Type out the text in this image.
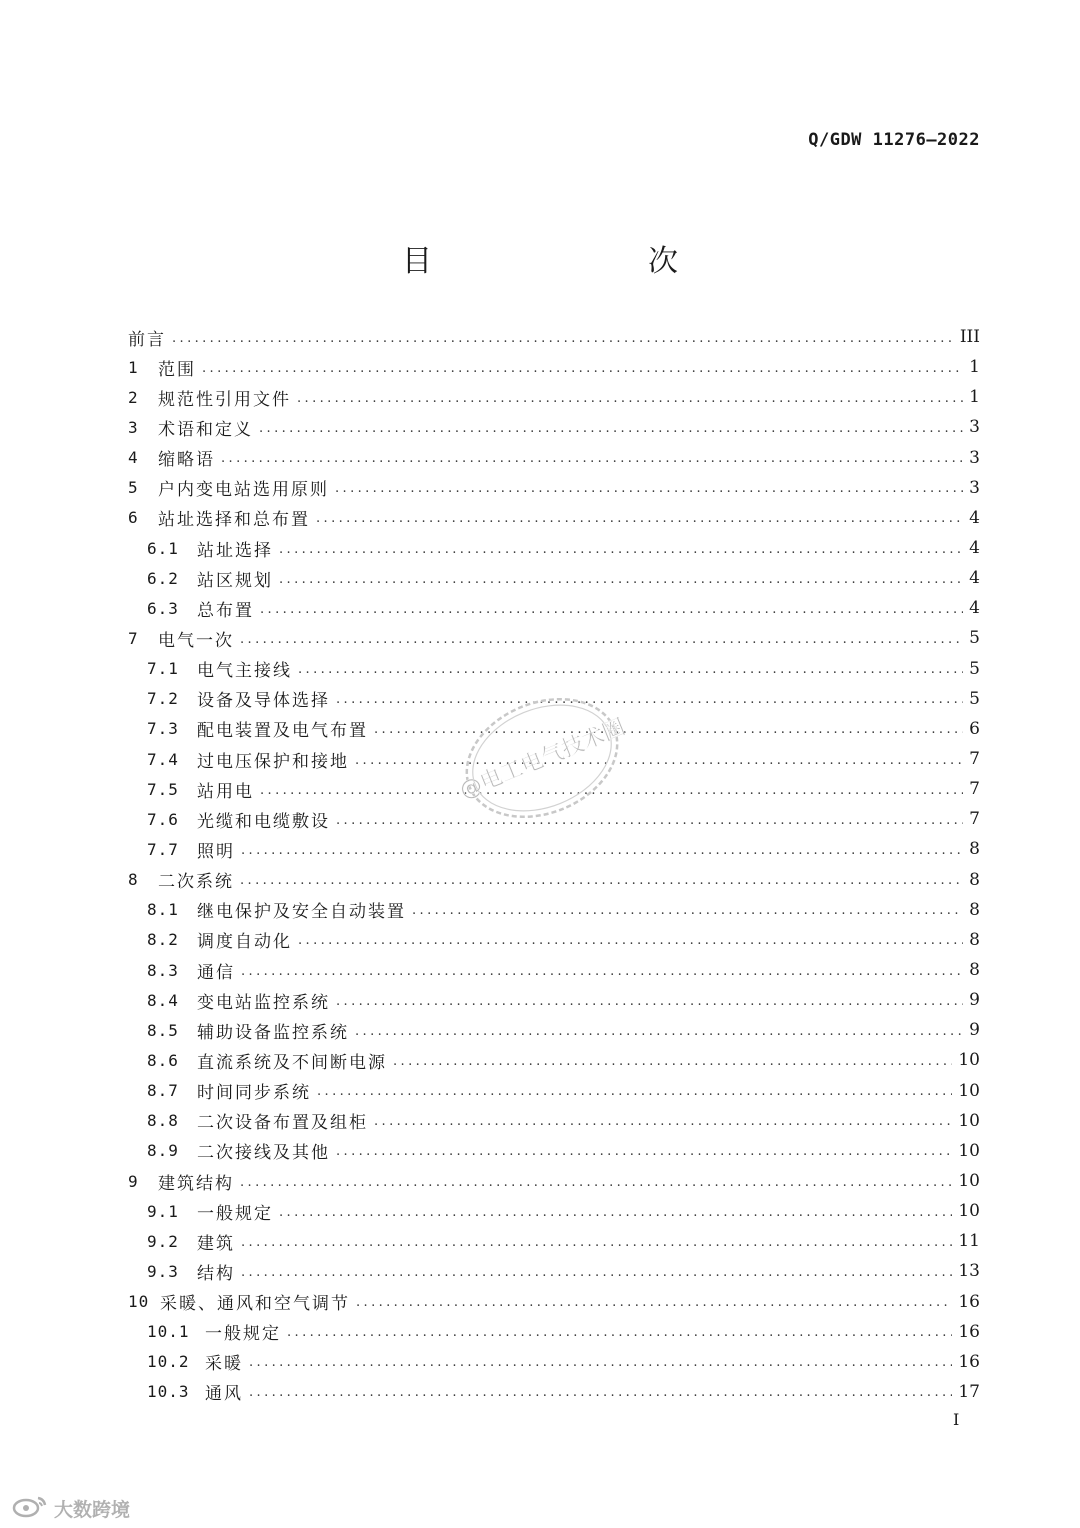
Q/GDW 11276—2022
目　　次
前言 .....	III
1	范围 .....	1
2	规范性引用文件 .....	1
3	术语和定义 .....	3
4	缩略语 .....	3
5	户内变电站选用原则 .....	3
6	站址选择和总布置 .....	4
6.1	站址选择 .....	4
6.2	站区规划 .....	4
6.3	总布置 .....	4
7	电气一次 .....	5
7.1	电气主接线 .....	5
7.2	设备及导体选择 .....	5
7.3	配电装置及电气布置 .....	6
7.4	过电压保护和接地 .....	7
7.5	站用电 .....	7
7.6	光缆和电缆敷设 .....	7
7.7	照明 .....	8
8	二次系统 .....	8
8.1	继电保护及安全自动装置 .....	8
8.2	调度自动化 .....	8
8.3	通信 .....	8
8.4	变电站监控系统 .....	9
8.5	辅助设备监控系统 .....	9
8.6	直流系统及不间断电源 .....	10
8.7	时间同步系统 .....	10
8.8	二次设备布置及组柜 .....	10
8.9	二次接线及其他 .....	10
9	建筑结构 .....	10
9.1	一般规定 .....	10
9.2	建筑 .....	11
9.3	结构 .....	13
10 采暖、通风和空气调节 .....	16
10.1 一般规定 .....	16
10.2 采暖 .....	16
10.3 通风 .....	17
I
@电工电气技术圈
大数跨境
